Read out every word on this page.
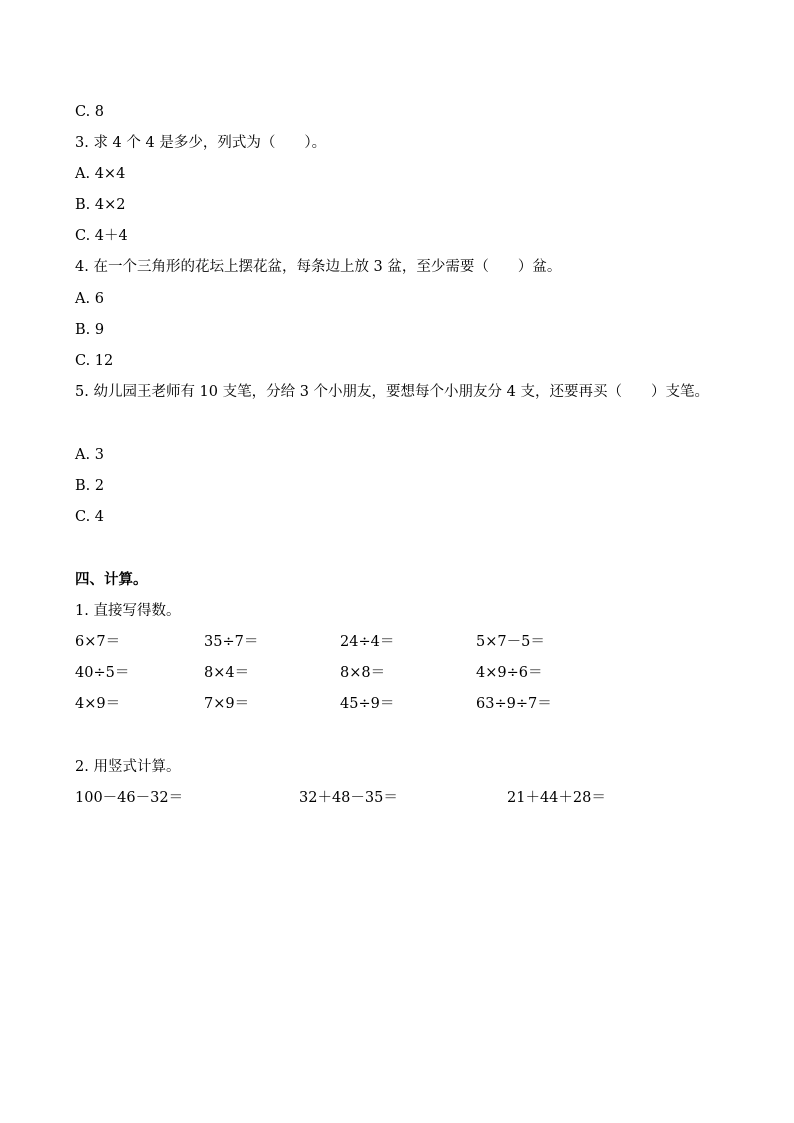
C. 8
3. 求 4 个 4 是多少，列式为（　　）。
A. 4×4
B. 4×2
C. 4＋4
4. 在一个三角形的花坛上摆花盆，每条边上放 3 盆，至少需要（　　）盆。
A. 6
B. 9
C. 12
5. 幼儿园王老师有 10 支笔，分给 3 个小朋友，要想每个小朋友分 4 支，还要再买（　　）支笔。
A. 3
B. 2
C. 4
四、计算。
1. 直接写得数。
6×7＝	35÷7＝	24÷4＝	5×7－5＝
40÷5＝	8×4＝	8×8＝	4×9÷6＝
4×9＝	7×9＝	45÷9＝	63÷9÷7＝
2. 用竖式计算。
100－46－32＝	32＋48－35＝	21＋44＋28＝
